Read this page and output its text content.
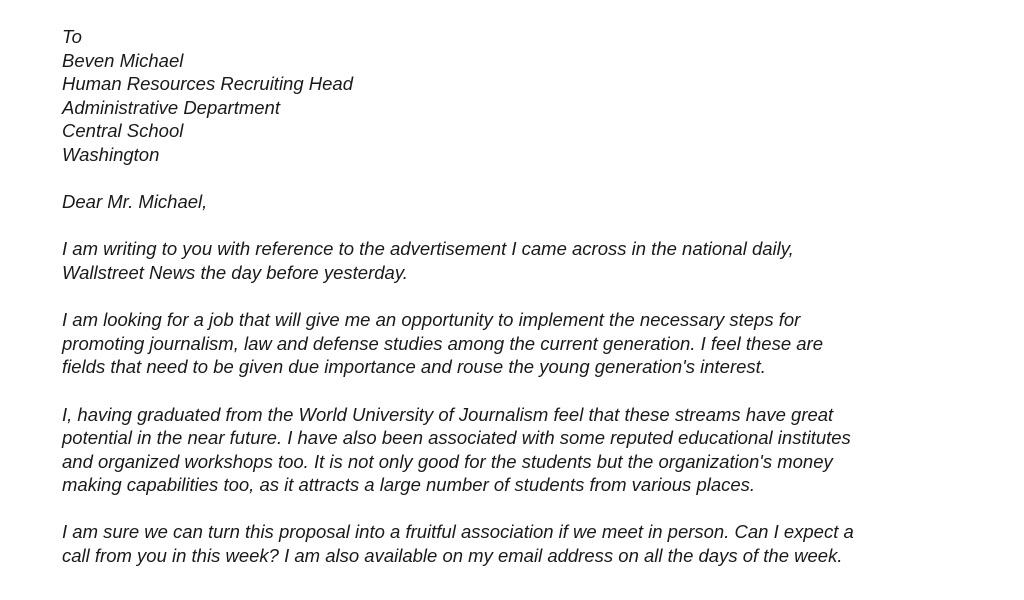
To
Beven Michael
Human Resources Recruiting Head
Administrative Department
Central School
Washington
Dear Mr. Michael,
I am writing to you with reference to the advertisement I came across in the national daily,
Wallstreet News the day before yesterday.
I am looking for a job that will give me an opportunity to implement the necessary steps for
promoting journalism, law and defense studies among the current generation. I feel these are
fields that need to be given due importance and rouse the young generation's interest.
I, having graduated from the World University of Journalism feel that these streams have great
potential in the near future. I have also been associated with some reputed educational institutes
and organized workshops too. It is not only good for the students but the organization's money
making capabilities too, as it attracts a large number of students from various places.
I am sure we can turn this proposal into a fruitful association if we meet in person. Can I expect a
call from you in this week? I am also available on my email address on all the days of the week.
